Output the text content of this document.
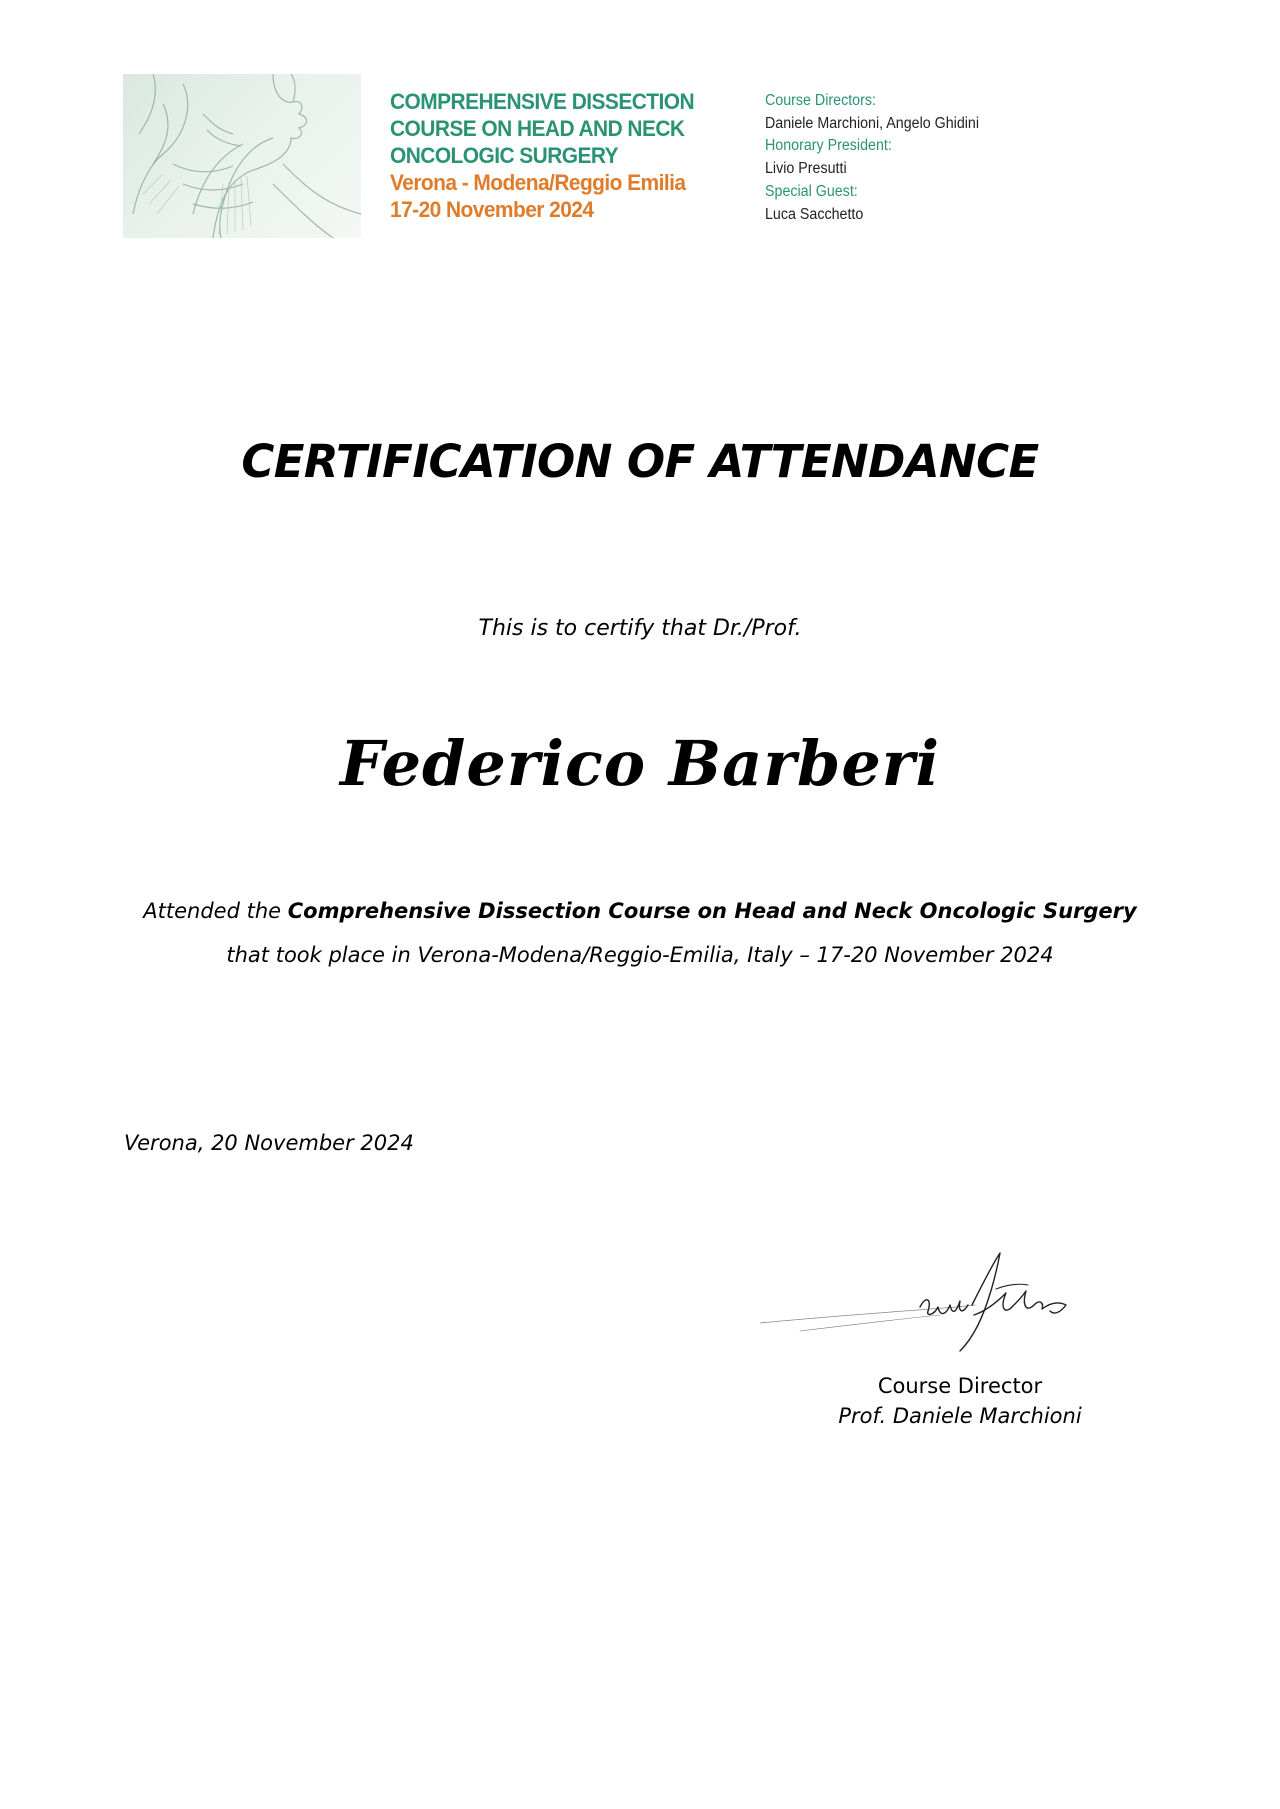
COMPREHENSIVE DISSECTION
COURSE ON HEAD AND NECK
ONCOLOGIC SURGERY
Verona - Modena/Reggio Emilia
17-20 November 2024
Course Directors:
Daniele Marchioni, Angelo Ghidini
Honorary President:
Livio Presutti
Special Guest:
Luca Sacchetto
CERTIFICATION OF ATTENDANCE
This is to certify that Dr./Prof.
Federico Barberi
Attended the Comprehensive Dissection Course on Head and Neck Oncologic Surgery
that took place in Verona-Modena/Reggio-Emilia, Italy – 17-20 November 2024
Verona, 20 November 2024
Course Director
Prof. Daniele Marchioni
